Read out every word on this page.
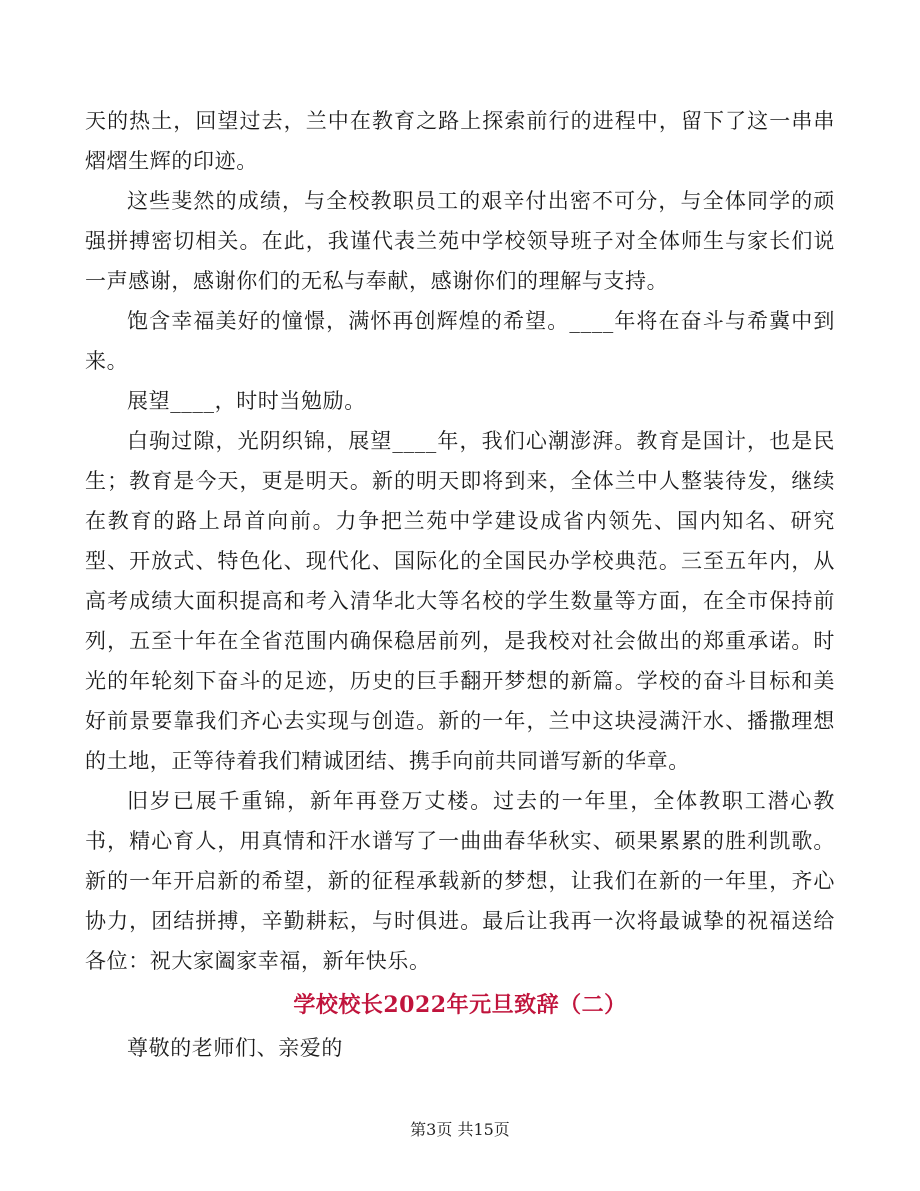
天的热土，回望过去，兰中在教育之路上探索前行的进程中，留下了这一串串熠熠生辉的印迹。

这些斐然的成绩，与全校教职员工的艰辛付出密不可分，与全体同学的顽强拼搏密切相关。在此，我谨代表兰苑中学校领导班子对全体师生与家长们说一声感谢，感谢你们的无私与奉献，感谢你们的理解与支持。

饱含幸福美好的憧憬，满怀再创辉煌的希望。____年将在奋斗与希冀中到来。

展望____，时时当勉励。

白驹过隙，光阴织锦，展望____年，我们心潮澎湃。教育是国计，也是民生；教育是今天，更是明天。新的明天即将到来，全体兰中人整装待发，继续在教育的路上昂首向前。力争把兰苑中学建设成省内领先、国内知名、研究型、开放式、特色化、现代化、国际化的全国民办学校典范。三至五年内，从高考成绩大面积提高和考入清华北大等名校的学生数量等方面，在全市保持前列，五至十年在全省范围内确保稳居前列，是我校对社会做出的郑重承诺。时光的年轮刻下奋斗的足迹，历史的巨手翻开梦想的新篇。学校的奋斗目标和美好前景要靠我们齐心去实现与创造。新的一年，兰中这块浸满汗水、播撒理想的土地，正等待着我们精诚团结、携手向前共同谱写新的华章。

旧岁已展千重锦，新年再登万丈楼。过去的一年里，全体教职工潜心教书，精心育人，用真情和汗水谱写了一曲曲春华秋实、硕果累累的胜利凯歌。新的一年开启新的希望，新的征程承载新的梦想，让我们在新的一年里，齐心协力，团结拼搏，辛勤耕耘，与时俱进。最后让我再一次将最诚挚的祝福送给各位：祝大家阖家幸福，新年快乐。

学校校长2022年元旦致辞（二）

尊敬的老师们、亲爱的

第3页 共15页
